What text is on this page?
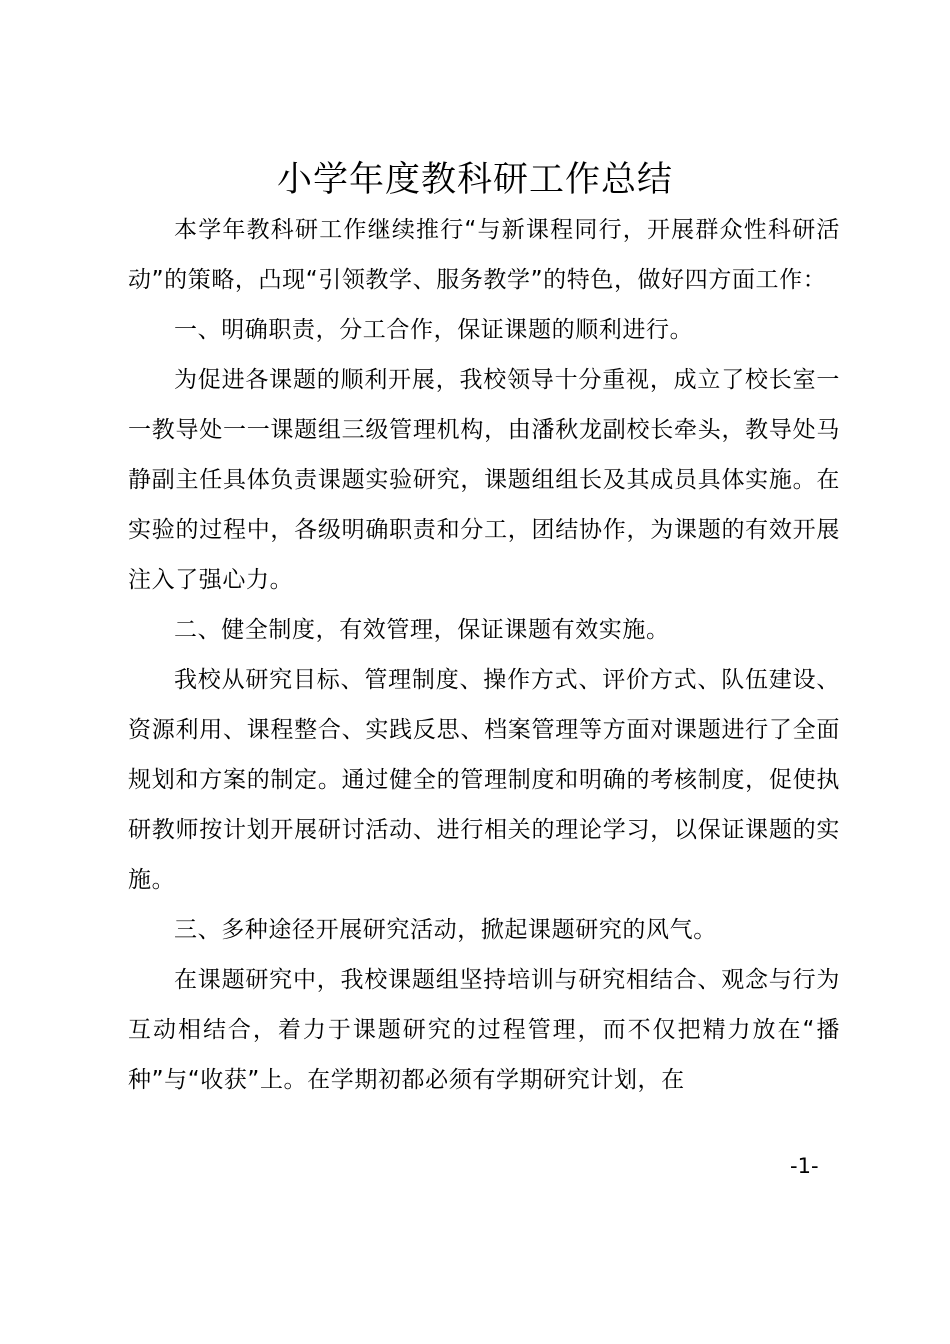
小学年度教科研工作总结

本学年教科研工作继续推行“与新课程同行，开展群众性科研活动”的策略，凸现“引领教学、服务教学”的特色，做好四方面工作：

一、明确职责，分工合作，保证课题的顺利进行。

为促进各课题的顺利开展，我校领导十分重视，成立了校长室一一教导处一一课题组三级管理机构，由潘秋龙副校长牵头，教导处马静副主任具体负责课题实验研究，课题组组长及其成员具体实施。在实验的过程中，各级明确职责和分工，团结协作，为课题的有效开展注入了强心力。

二、健全制度，有效管理，保证课题有效实施。

我校从研究目标、管理制度、操作方式、评价方式、队伍建设、资源利用、课程整合、实践反思、档案管理等方面对课题进行了全面规划和方案的制定。通过健全的管理制度和明确的考核制度，促使执研教师按计划开展研讨活动、进行相关的理论学习，以保证课题的实施。

三、多种途径开展研究活动，掀起课题研究的风气。

在课题研究中，我校课题组坚持培训与研究相结合、观念与行为互动相结合，着力于课题研究的过程管理，而不仅把精力放在“播种”与“收获”上。在学期初都必须有学期研究计划，在

-1-
